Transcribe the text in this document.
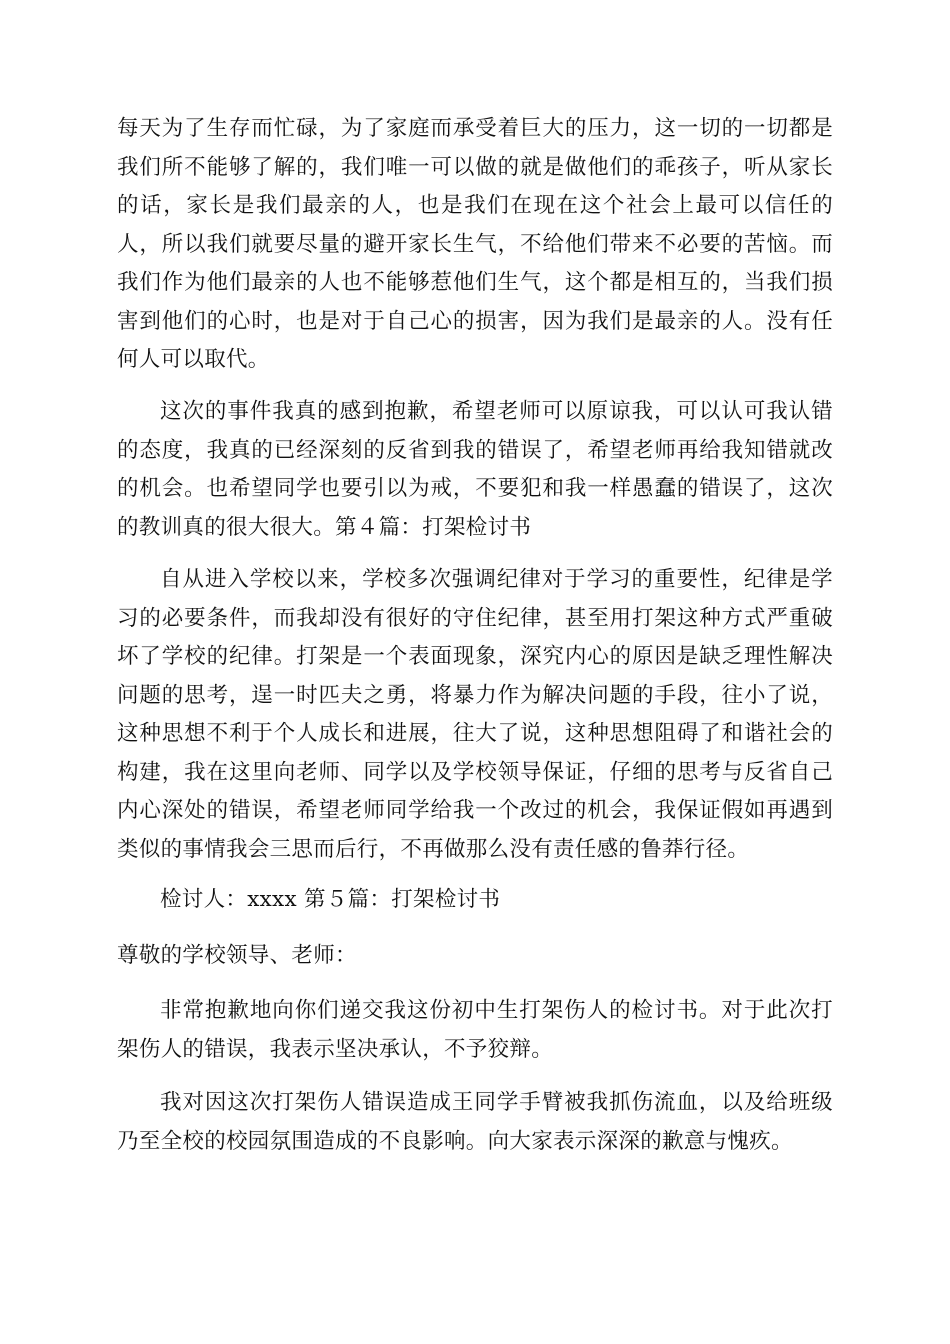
每天为了生存而忙碌，为了家庭而承受着巨大的压力，这一切的一切都是我们所不能够了解的，我们唯一可以做的就是做他们的乖孩子，听从家长的话，家长是我们最亲的人，也是我们在现在这个社会上最可以信任的人，所以我们就要尽量的避开家长生气，不给他们带来不必要的苦恼。而我们作为他们最亲的人也不能够惹他们生气，这个都是相互的，当我们损害到他们的心时，也是对于自己心的损害，因为我们是最亲的人。没有任何人可以取代。

这次的事件我真的感到抱歉，希望老师可以原谅我，可以认可我认错的态度，我真的已经深刻的反省到我的错误了，希望老师再给我知错就改的机会。也希望同学也要引以为戒，不要犯和我一样愚蠢的错误了，这次的教训真的很大很大。第４篇：打架检讨书

自从进入学校以来，学校多次强调纪律对于学习的重要性，纪律是学习的必要条件，而我却没有很好的守住纪律，甚至用打架这种方式严重破坏了学校的纪律。打架是一个表面现象，深究内心的原因是缺乏理性解决问题的思考，逞一时匹夫之勇，将暴力作为解决问题的手段，往小了说，这种思想不利于个人成长和进展，往大了说，这种思想阻碍了和谐社会的构建，我在这里向老师、同学以及学校领导保证，仔细的思考与反省自己内心深处的错误，希望老师同学给我一个改过的机会，我保证假如再遇到类似的事情我会三思而后行，不再做那么没有责任感的鲁莽行径。

检讨人：xxxx 第５篇：打架检讨书

尊敬的学校领导、老师：

非常抱歉地向你们递交我这份初中生打架伤人的检讨书。对于此次打架伤人的错误，我表示坚决承认，不予狡辩。

我对因这次打架伤人错误造成王同学手臂被我抓伤流血，以及给班级乃至全校的校园氛围造成的不良影响。向大家表示深深的歉意与愧疚。
